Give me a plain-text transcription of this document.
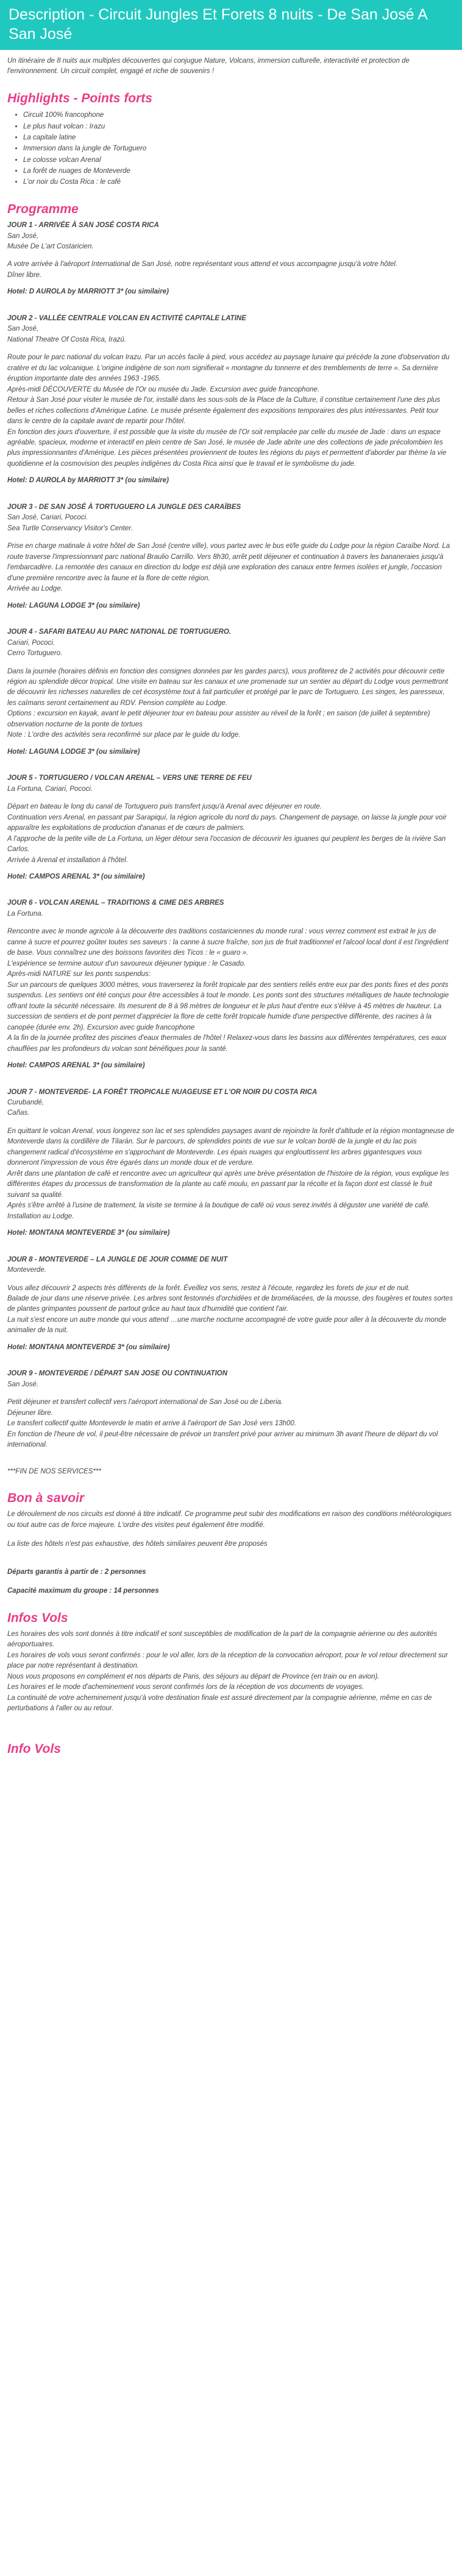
Description - Circuit Jungles Et Forets 8 nuits - De San José A San José

Un itinéraire de 8 nuits aux multiples découvertes qui conjugue Nature, Volcans, immersion culturelle, interactivité et protection de l'environnement. Un circuit complet, engagé et riche de souvenirs !

Highlights - Points forts
• Circuit 100% francophone
• Le plus haut volcan : Irazu
• La capitale latine
• Immersion dans la jungle de Tortuguero
• Le colosse volcan Arenal
• La forêt de nuages de Monteverde
• L'or noir du Costa Rica : le café
Programme

JOUR 1 - ARRIVÉE À SAN JOSÉ COSTA RICA

San José,

Musée De L'art Costaricien.

A votre arrivée à l'aéroport International de San José, notre représentant vous attend et vous accompagne jusqu'à votre hôtel.

Dîner libre.

Hotel: D AUROLA by MARRIOTT 3* (ou similaire)

JOUR 2 - VALLÉE CENTRALE VOLCAN EN ACTIVITÉ CAPITALE LATINE

San José,

National Theatre Of Costa Rica, Irazú.

Route pour le parc national du volcan Irazu. Par un accès facile à pied, vous accédez au paysage lunaire qui précède la zone d'observation du cratère et du lac volcanique. L'origine indigène de son nom signifierait « montagne du tonnerre et des tremblements de terre ». Sa dernière éruption importante date des années 1963 -1965.

Après-midi DÉCOUVERTE du Musée de l'Or ou musée du Jade. Excursion avec guide francophone.

Retour à San José pour visiter le musée de l'or, installé dans les sous-sols de la Place de la Culture, il constitue certainement l'une des plus belles et riches collections d'Amérique Latine. Le musée présente également des expositions temporaires des plus intéressantes. Petit tour dans le centre de la capitale avant de repartir pour l'hôtel.

En fonction des jours d'ouverture, il est possible que la visite du musée de l'Or soit remplacée par celle du musée de Jade : dans un espace agréable, spacieux, moderne et interactif en plein centre de San José, le musée de Jade abrite une des collections de jade précolombien les plus impressionnantes d'Amérique. Les pièces présentées proviennent de toutes les régions du pays et permettent d'aborder par thème la vie quotidienne et la cosmovision des peuples indigènes du Costa Rica ainsi que le travail et le symbolisme du jade.

Hotel: D AUROLA by MARRIOTT 3* (ou similaire)

JOUR 3 - DE SAN JOSÉ À TORTUGUERO LA JUNGLE DES CARAÏBES

San José, Cariari, Pococi.

Sea Turtle Conservancy Visitor's Center.

Prise en charge matinale à votre hôtel de San José (centre ville), vous partez avec le bus et/le guide du Lodge pour la région Caraïbe Nord. La route traverse l'impressionnant parc national Braulio Carrillo. Vers 8h30, arrêt petit déjeuner et continuation à travers les bananeraies jusqu'à l'embarcadère. La remontée des canaux en direction du lodge est déjà une exploration des canaux entre fermes isolées et jungle, l'occasion d'une première rencontre avec la faune et la flore de cette région.

Arrivée au Lodge.

Hotel: LAGUNA LODGE 3* (ou similaire)

JOUR 4 - SAFARI BATEAU AU PARC NATIONAL DE TORTUGUERO.

Cariari, Pococi.

Cerro Tortuguero.

Dans la journée (horaires définis en fonction des consignes données par les gardes parcs), vous profiterez de 2 activités pour découvrir cette région au splendide décor tropical. Une visite en bateau sur les canaux et une promenade sur un sentier au départ du Lodge vous permettront de découvrir les richesses naturelles de cet écosystème tout à fait particulier et protégé par le parc de Tortuguero. Les singes, les paresseux, les caïmans seront certainement au RDV. Pension complète au Lodge.

Options : excursion en kayak, avant le petit déjeuner tour en bateau pour assister au réveil de la forêt ; en saison (de juillet à septembre) observation nocturne de la ponte de tortues

Note : L'ordre des activités sera reconfirmé sur place par le guide du lodge.

Hotel: LAGUNA LODGE 3* (ou similaire)

JOUR 5 - TORTUGUERO / VOLCAN ARENAL – VERS UNE TERRE DE FEU

La Fortuna, Cariari, Pococi.

Départ en bateau le long du canal de Tortuguero puis transfert jusqu'à Arenal avec déjeuner en route.

Continuation vers Arenal, en passant par Sarapiquí, la région agricole du nord du pays. Changement de paysage, on laisse la jungle pour voir apparaître les exploitations de production d'ananas et de cœurs de palmiers.

A l'approche de la petite ville de La Fortuna, un léger détour sera l'occasion de découvrir les iguanes qui peuplent les berges de la rivière San Carlos.

Arrivée à Arenal et installation à l'hôtel.

Hotel: CAMPOS ARENAL 3* (ou similaire)

JOUR 6 - VOLCAN ARENAL – TRADITIONS & CIME DES ARBRES

La Fortuna.

Rencontre avec le monde agricole à la découverte des traditions costariciennes du monde rural : vous verrez comment est extrait le jus de canne à sucre et pourrez goûter toutes ses saveurs : la canne à sucre fraîche, son jus de fruit traditionnel et l'alcool local dont il est l'ingrédient de base. Vous connaîtrez une des boissons favorites des Ticos : le « guaro ».

L'expérience se termine autour d'un savoureux déjeuner typique : le Casado.

Après-midi NATURE sur les ponts suspendus:

Sur un parcours de quelques 3000 mètres, vous traverserez la forêt tropicale par des sentiers reliés entre eux par des ponts fixes et des ponts suspendus. Les sentiers ont été conçus pour être accessibles à tout le monde. Les ponts sont des structures métalliques de haute technologie offrant toute la sécurité nécessaire. Ils mesurent de 8 à 98 mètres de longueur et le plus haut d'entre eux s'élève à 45 mètres de hauteur. La succession de sentiers et de pont permet d'apprécier la flore de cette forêt tropicale humide d'une perspective différente, des racines à la canopée (durée env. 2h). Excursion avec guide francophone

A la fin de la journée profitez des piscines d'eaux thermales de l'hôtel ! Relaxez-vous dans les bassins aux différentes températures, ces eaux chauffées par les profondeurs du volcan sont bénéfiques pour la santé.

Hotel: CAMPOS ARENAL 3* (ou similaire)

JOUR 7 - MONTEVERDE- LA FORÊT TROPICALE NUAGEUSE ET L'OR NOIR DU COSTA RICA

Curubandé,

Cañas.

En quittant le volcan Arenal, vous longerez son lac et ses splendides paysages avant de rejoindre la forêt d'altitude et la région montagneuse de Monteverde dans la cordillère de Tilarán. Sur le parcours, de splendides points de vue sur le volcan bordé de la jungle et du lac puis changement radical d'écosystème en s'approchant de Monteverde. Les épais nuages qui englouttissent les arbres gigantesques vous donneront l'impression de vous être égarés dans un monde doux et de verdure.

Arrêt dans une plantation de café et rencontre avec un agriculteur qui après une brève présentation de l'histoire de la région, vous explique les différentes étapes du processus de transformation de la plante au café moulu, en passant par la récolte et la façon dont est classé le fruit suivant sa qualité.

Après s'être arrêté à l'usine de traitement, la visite se termine à la boutique de café où vous serez invités à déguster une variété de café.

Installation au Lodge.

Hotel: MONTANA MONTEVERDE 3* (ou similaire)

JOUR 8 - MONTEVERDE – LA JUNGLE DE JOUR COMME DE NUIT

Monteverde.

Vous allez découvrir 2 aspects très différents de la forêt. Éveillez vos sens, restez à l'écoute, regardez les forets de jour et de nuit.

Balade de jour dans une réserve privée. Les arbres sont festonnés d'orchidées et de broméliacées, de la mousse, des fougères et toutes sortes de plantes grimpantes poussent de partout grâce au haut taux d'humidité que contient l'air.

La nuit s'est encore un autre monde qui vous attend …une marche nocturne accompagné de votre guide pour aller à la découverte du monde animalier de la nuit.

Hotel: MONTANA MONTEVERDE 3* (ou similaire)

JOUR 9 - MONTEVERDE / DÉPART SAN JOSE OU CONTINUATION

San José.

Petit déjeuner et transfert collectif vers l'aéroport international de San José ou de Liberia.

Déjeuner libre.

Le transfert collectif quitte Monteverde le matin et arrive à l'aéroport de San José vers 13h00.

En fonction de l'heure de vol, il peut-être nécessaire de prévoir un transfert privé pour arriver au minimum 3h avant l'heure de départ du vol international.

***FIN DE NOS SERVICES***

Bon à savoir

Le déroulement de nos circuits est donné à titre indicatif. Ce programme peut subir des modifications en raison des conditions météorologiques ou tout autre cas de force majeure. L'ordre des visites peut également être modifié.

La liste des hôtels n'est pas exhaustive, des hôtels similaires peuvent être proposés

Départs garantis à partir de : 2 personnes

Capacité maximum du groupe : 14 personnes

Infos Vols

Les horaires des vols sont donnés à titre indicatif et sont susceptibles de modification de la part de la compagnie aérienne ou des autorités aéroportuaires.

Les horaires de vols vous seront confirmés : pour le vol aller, lors de la réception de la convocation aéroport, pour le vol retour directement sur place par notre représentant à destination.

Nous vous proposons en complément et nos départs de Paris, des séjours au départ de Province (en train ou en avion).

Les horaires et le mode d'acheminement vous seront confirmés lors de la réception de vos documents de voyages.

La continuité de votre acheminement jusqu'à votre destination finale est assuré directement par la compagnie aérienne, même en cas de perturbations à l'aller ou au retour.

Info Vols
